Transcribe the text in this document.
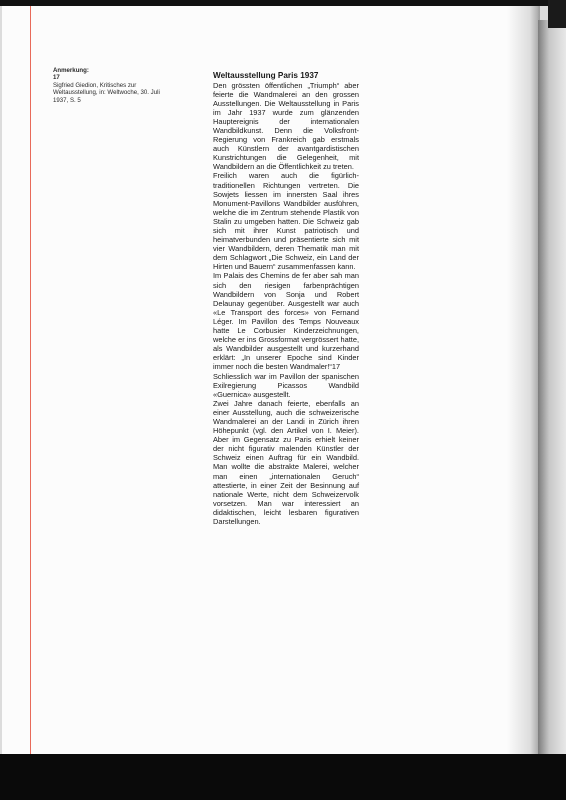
Anmerkung:
17
Sigfried Giedion, Kritisches zur Weltausstellung, in: Weltwoche, 30. Juli 1937, S. 5
Weltausstellung Paris 1937

Den grössten öffentlichen „Triumph“ aber feierte die Wandmalerei an den grossen Ausstellungen. Die Weltausstellung in Paris im Jahr 1937 wurde zum glänzenden Hauptereignis der internationalen Wandbildkunst. Denn die Volksfront-Regierung von Frankreich gab erstmals auch Künstlern der avantgardistischen Kunstrichtungen die Gelegenheit, mit Wandbildern an die Öffentlichkeit zu treten.

Freilich waren auch die figürlich-traditionellen Richtungen vertreten. Die Sowjets liessen im innersten Saal ihres Monument-Pavillons Wandbilder ausführen, welche die im Zentrum stehende Plastik von Stalin zu umgeben hatten. Die Schweiz gab sich mit ihrer Kunst patriotisch und heimatverbunden und präsentierte sich mit vier Wandbildern, deren Thematik man mit dem Schlagwort „Die Schweiz, ein Land der Hirten und Bauern“ zusammenfassen kann.

Im Palais des Chemins de fer aber sah man sich den riesigen farbenprächtigen Wandbildern von Sonja und Robert Delaunay gegenüber. Ausgestellt war auch «Le Transport des forces» von Fernand Léger. Im Pavillon des Temps Nouveaux hatte Le Corbusier Kinderzeichnungen, welche er ins Grossformat vergrössert hatte, als Wandbilder ausgestellt und kurzerhand erklärt: „In unserer Epoche sind Kinder immer noch die besten Wandmaler!“17

Schliesslich war im Pavillon der spanischen Exilregierung Picassos Wandbild «Guernica» ausgestellt.

Zwei Jahre danach feierte, ebenfalls an einer Ausstellung, auch die schweizerische Wandmalerei an der Landi in Zürich ihren Höhepunkt (vgl. den Artikel von I. Meier). Aber im Gegensatz zu Paris erhielt keiner der nicht figurativ malenden Künstler der Schweiz einen Auftrag für ein Wandbild. Man wollte die abstrakte Malerei, welcher man einen „internationalen Geruch“ attestierte, in einer Zeit der Besinnung auf nationale Werte, nicht dem Schweizervolk vorsetzen. Man war interessiert an didaktischen, leicht lesbaren figurativen Darstellungen.
